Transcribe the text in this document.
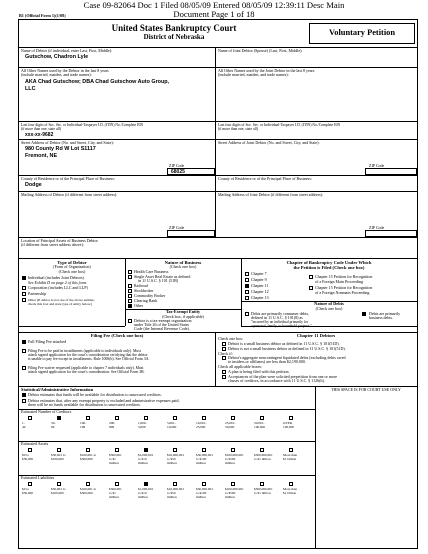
Case 09-82064 Doc 1 Filed 08/05/09 Entered 08/05/09 12:39:11 Desc Main
Document Page 1 of 18
B1 (Official Form 1)(1/08)
United States Bankruptcy Court
District of Nebraska	Voluntary Petition
Name of Debtor (if individual, enter Last, First, Middle):
Gutschow, Chadron Lyle
Name of Joint Debtor (Spouse) (Last, First, Middle):
All Other Names used by the Debtor in the last 8 years
(include married, maiden, and trade names):
AKA Chad Gutschow; DBA Chad Gutschow Auto Group,
LLC
All Other Names used by the Joint Debtor in the last 8 years
(include married, maiden, and trade names):
Last four digits of Soc. Sec. or Individual-Taxpayer I.D. (ITIN) No./Complete EIN
(if more than one, state all)
xxx-xx-9682
Last four digits of Soc. Sec. or Individual-Taxpayer I.D. (ITIN) No./Complete EIN
(if more than one, state all)
Street Address of Debtor (No. and Street, City, and State):
980 County Rd W Lot S1117
Fremont, NE
Street Address of Joint Debtor (No. and Street, City, and State):
ZIP Code
68025
ZIP Code
County of Residence or of the Principal Place of Business:
Dodge
County of Residence or of the Principal Place of Business:
Mailing Address of Debtor (if different from street address):	Mailing Address of Joint Debtor (if different from street address):
ZIP Code	ZIP Code
Location of Principal Assets of Business Debtor
(if different from street address above):
Type of Debtor
(Form of Organization)
(Check one box)
Individual (includes Joint Debtors)
See Exhibit D on page 2 of this form.
Corporation (includes LLC and LLP)
Partnership
Other (If debtor is not one of the above entities,
check this box and state type of entity below.)
Nature of Business
(Check one box)
Health Care Business
Single Asset Real Estate as defined
in 11 U.S.C. § 101 (51B)
Railroad
Stockbroker
Commodity Broker
Clearing Bank
Other
Tax-Exempt Entity
(Check box, if applicable)
Debtor is a tax-exempt organization
under Title 26 of the United States
Code (the Internal Revenue Code).
Chapter of Bankruptcy Code Under Which
the Petition is Filed (Check one box)
Chapter 7
Chapter 9
Chapter 11
Chapter 12
Chapter 13
Chapter 15 Petition for Recognition
of a Foreign Main Proceeding
Chapter 15 Petition for Recognition
of a Foreign Nonmain Proceeding
Nature of Debts
(Check one box)
Debts are primarily consumer debts,
defined in 11 U.S.C. § 101(8) as
"incurred by an individual primarily for
a personal, family, or household purpose."
Debts are primarily
business debts.
Filing Fee (Check one box)
Full Filing Fee attached
Filing Fee to be paid in installments (applicable to individuals only). Must
attach signed application for the court's consideration certifying that the debtor
is unable to pay fee except in installments. Rule 1006(b). See Official Form 3A.
Filing Fee waiver requested (applicable to chapter 7 individuals only). Must
attach signed application for the court's consideration. See Official Form 3B.
Chapter 11 Debtors
Check one box:
Debtor is a small business debtor as defined in 11 U.S.C. § 101(51D).
Debtor is not a small business debtor as defined in 11 U.S.C. § 101(51D).
Check if:
Debtor's aggregate noncontingent liquidated debts (excluding debts owed
to insiders or affiliates) are less than $2,190,000.
Check all applicable boxes:
A plan is being filed with this petition.
Acceptances of the plan were solicited prepetition from one or more
classes of creditors, in accordance with 11 U.S.C. § 1126(b).
Statistical/Administrative Information	THIS SPACE IS FOR COURT USE ONLY
Debtor estimates that funds will be available for distribution to unsecured creditors.
Debtor estimates that, after any exempt property is excluded and administrative expenses paid,
there will be no funds available for distribution to unsecured creditors.
Estimated Number of Creditors
Estimated Assets
Estimated Liabilities
1-
49
50-
99
100-
199
200-
999
1,000-
5,000
5,001-
10,000
10,001-
25,000
25,001-
50,000
50,001-
100,000
OVER
100,000
$0 to
$50,000
$50,001 to
$100,000
$100,001 to
$500,000
$500,001
to $1
million
$1,000,001
to $10
million
$10,000,001
to $50
million
$50,000,001
to $100
million
$100,000,001
to $500
million
$500,000,001
to $1 billion
More than
$1 billion
$0 to
$50,000
$50,001 to
$100,000
$100,001 to
$500,000
$500,001
to $1
million
$1,000,001
to $10
million
$10,000,001
to $50
million
$50,000,001
to $100
million
$100,000,001
to $500
million
$500,000,001
to $1 billion
More than
$1 billion
